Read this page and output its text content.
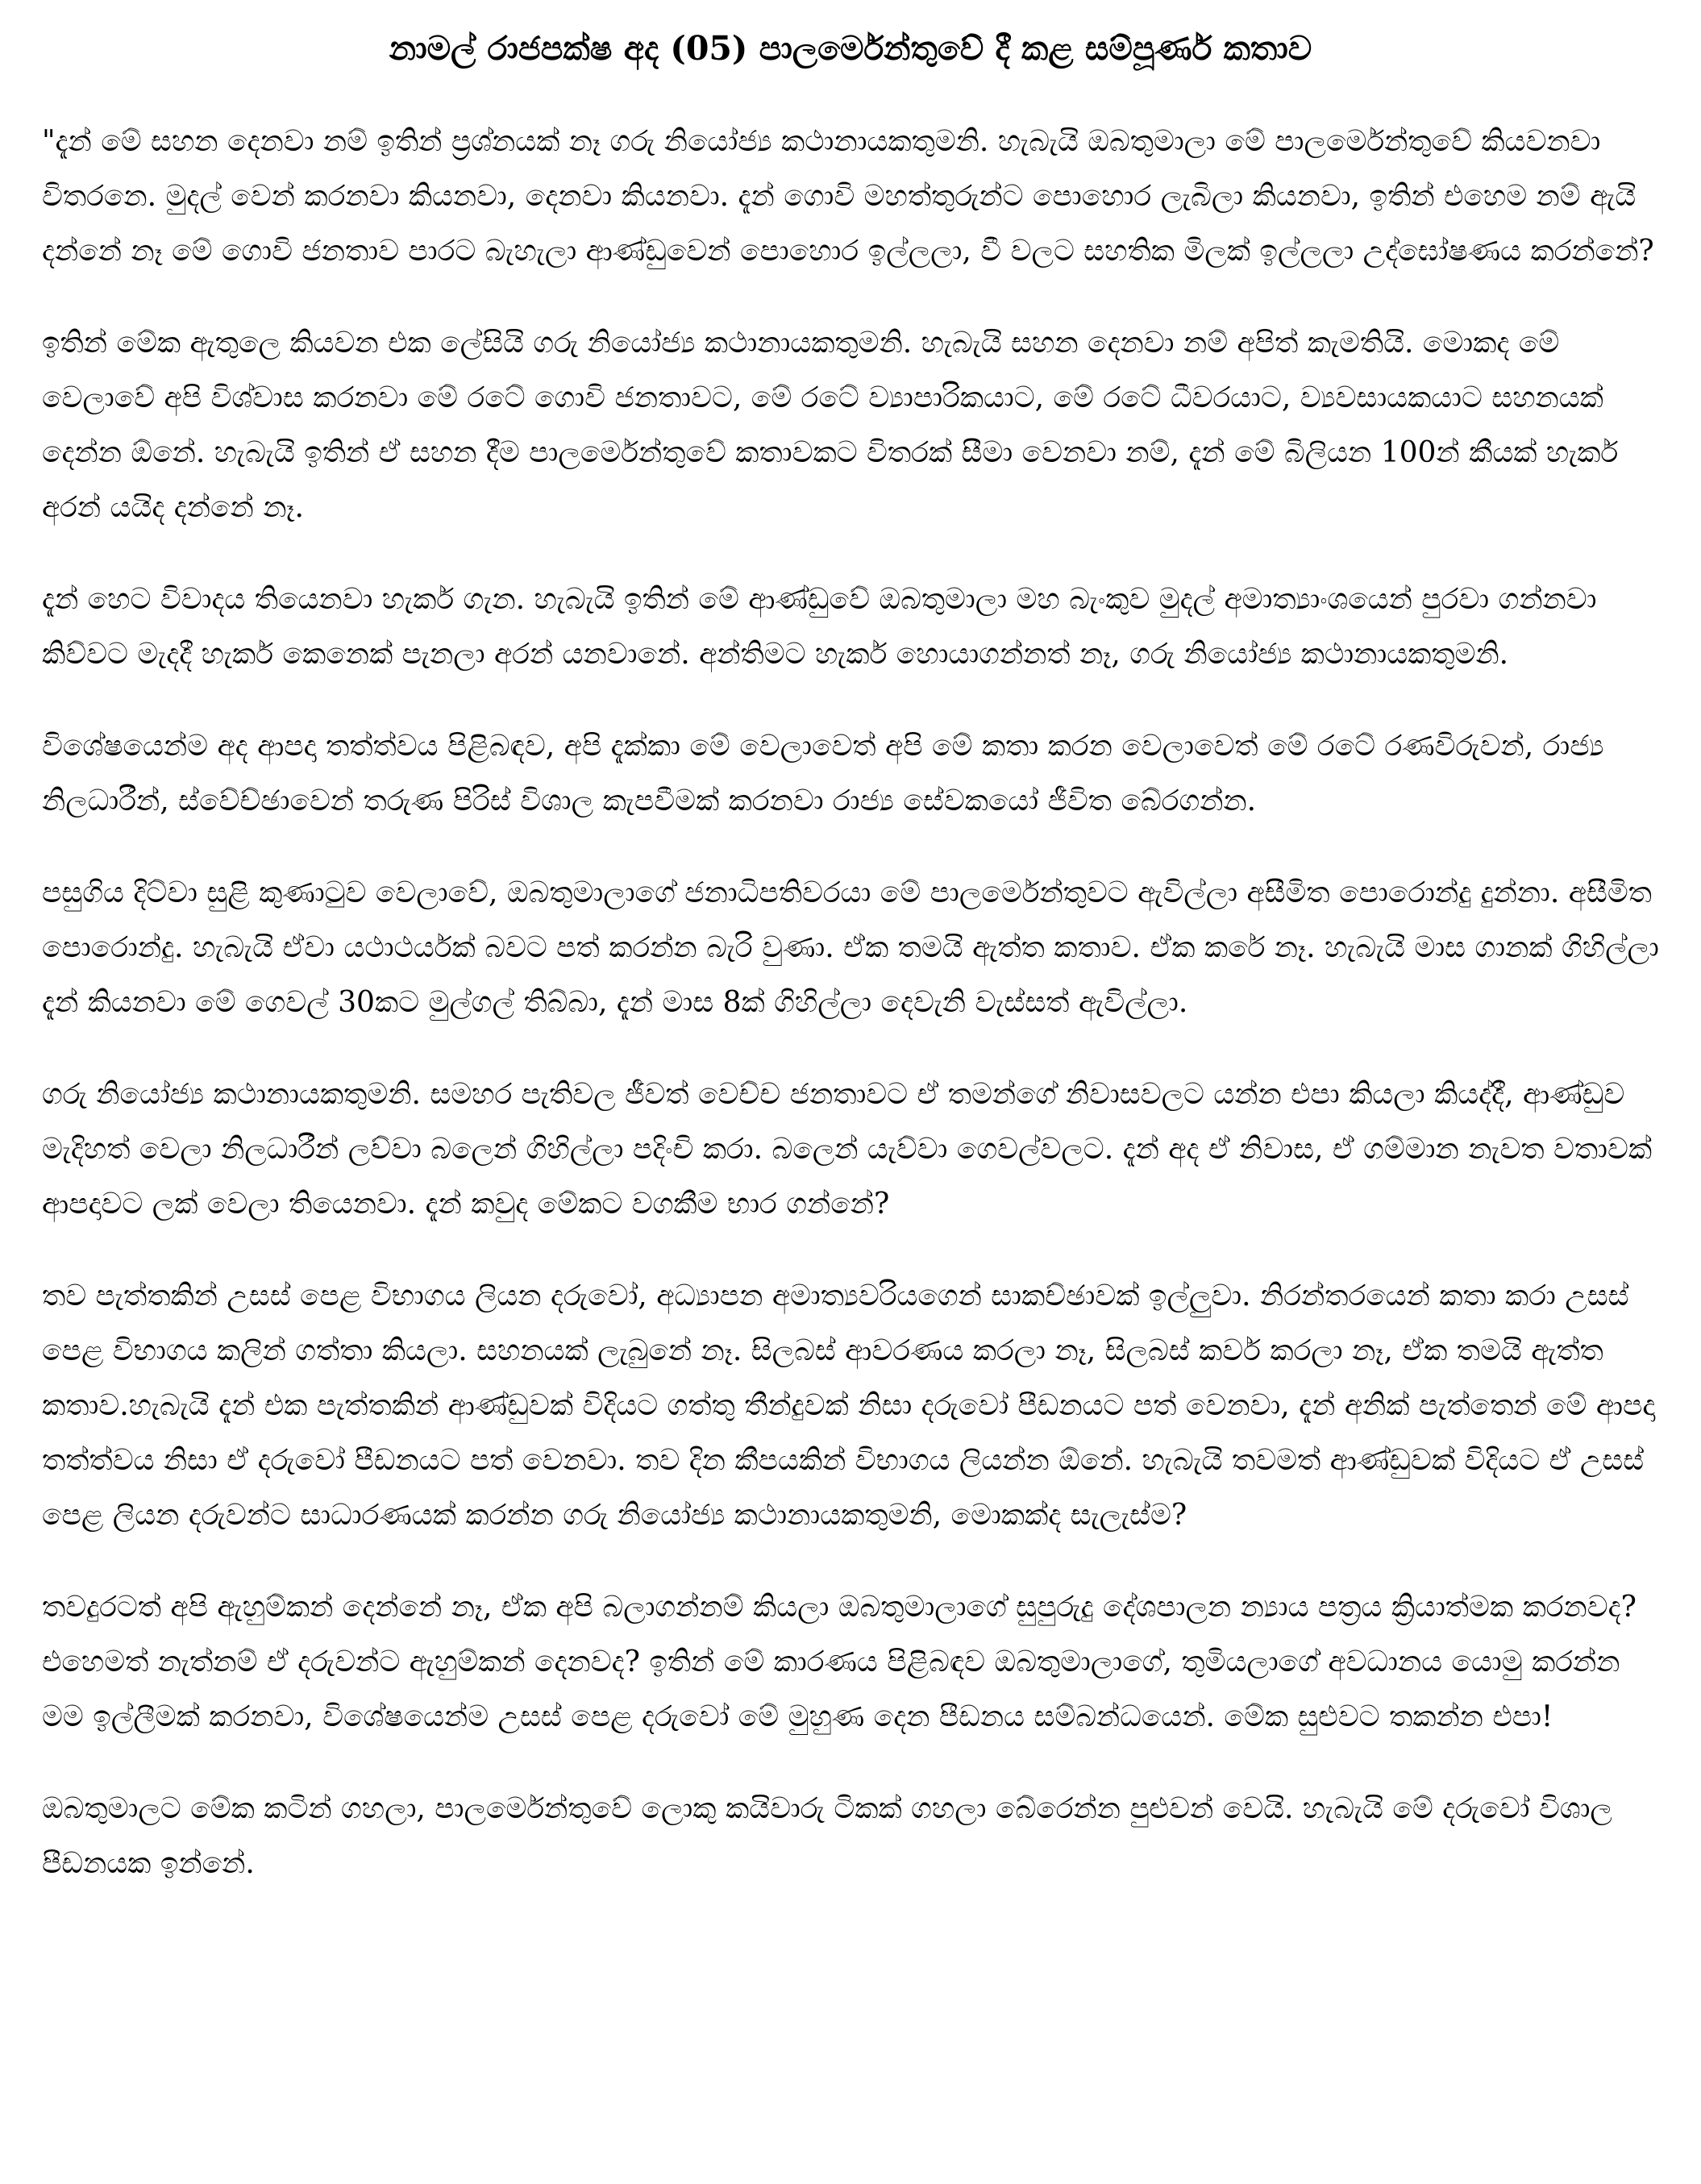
නාමල් රාජපක්ෂ අද (05) පාලර්මෙන්තුවේ දී කළ සම්පූණර් කතාව

"දැන් මේ සහන දෙනවා නම් ඉතින් ප්‍රශ්නයක් නෑ ගරු නියෝජ්‍ය කථානායකතුමනි. හැබැයි ඔබතුමාලා මේ පාලර්මෙන්තුවේ කියවනවා විතරනෙ. මුදල් වෙන් කරනවා කියනවා, දෙනවා කියනවා. දැන් ගොවි මහත්තුරුන්ට පොහොර ලැබිලා කියනවා, ඉතින් එහෙම නම් ඇයි දන්නේ නෑ මේ ගොවි ජනතාව පාරට බැහැලා ආණ්ඩුවෙන් පොහොර ඉල්ලලා, වී වලට සහතික මිලක් ඉල්ලලා උද්ඝෝෂණය කරන්නේ?

ඉතින් මේක ඇතුලෙ කියවන එක ලේසියි ගරු නියෝජ්‍ය කථානායකතුමනි. හැබැයි සහන දෙනවා නම් අපිත් කැමතියි. මොකද මේ වෙලාවේ අපි විශ්වාස කරනවා මේ රටේ ගොවි ජනතාවට, මේ රටේ ව්‍යාපාරිකයාට, මේ රටේ ධීවරයාට, ව්‍යවසායකයාට සහනයක් දෙන්න ඕනේ. හැබැයි ඉතින් ඒ සහන දීම පාලර්මෙන්තුවේ කතාවකට විතරක් සීමා වෙනවා නම්, දැන් මේ බිලියන 100න් කීයක් හැකර් අරන් යයිද දන්නේ නෑ.

දැන් හෙට විවාදය තියෙනවා හැකර් ගැන. හැබැයි ඉතින් මේ ආණ්ඩුවේ ඔබතුමාලා මහ බැංකුව මුදල් අමාත්‍යාංශයෙන් පුරවා ගන්නවා කිව්වට මැදදී හැකර් කෙනෙක් පැනලා අරන් යනවානේ. අන්තිමට හැකර් හොයාගන්නත් නෑ, ගරු නියෝජ්‍ය කථානායකතුමනි.

විශේෂයෙන්ම අද ආපදා තත්ත්වය පිළිබඳව, අපි දැක්කා මේ වෙලාවෙත් අපි මේ කතා කරන වෙලාවෙත් මේ රටේ රණවිරුවන්, රාජ්‍ය නිලධාරීන්, ස්වේච්ඡාවෙන් තරුණ පිරිස් විශාල කැපවීමක් කරනවා රාජ්‍ය සේවකයෝ ජීවිත බේරගන්න.

පසුගිය දිට්වා සුළි කුණාටුව වෙලාවේ, ඔබතුමාලාගේ ජනාධිපතිවරයා මේ පාලර්මෙන්තුවට ඇවිල්ලා අසීමිත පොරොන්දු දුන්නා. අසීමිත පොරොන්දු. හැබැයි ඒවා යථාථර්යක් බවට පත් කරන්න බැරි වුණා. ඒක තමයි ඇත්ත කතාව. ඒක කරේ නෑ. හැබැයි මාස ගානක් ගිහිල්ලා දැන් කියනවා මේ ගෙවල් 30කට මුල්ගල් තිබ්බා, දැන් මාස 8ක් ගිහිල්ලා දෙවැනි වැස්සත් ඇවිල්ලා.

ගරු නියෝජ්‍ය කථානායකතුමනි. සමහර පැතිවල ජීවත් වෙච්ච ජනතාවට ඒ තමන්ගේ නිවාසවලට යන්න එපා කියලා කියද්දී, ආණ්ඩුව මැදිහත් වෙලා නිලධාරීන් ලව්වා බලෙන් ගිහිල්ලා පදිංචි කරා. බලෙන් යැව්වා ගෙවල්වලට. දැන් අද ඒ නිවාස, ඒ ගම්මාන නැවත වතාවක් ආපදාවට ලක් වෙලා තියෙනවා. දැන් කවුද මේකට වගකීම භාර ගන්නේ?

තව පැත්තකින් උසස් පෙළ විභාගය ලියන දරුවෝ, අධ්‍යාපන අමාත්‍යවරියගෙන් සාකච්ඡාවක් ඉල්ලුවා. නිරන්තරයෙන් කතා කරා උසස් පෙළ විභාගය කලින් ගත්තා කියලා. සහනයක් ලැබුනේ නෑ. සිලබස් ආවරණය කරලා නෑ, සිලබස් කවර් කරලා නෑ, ඒක තමයි ඇත්ත කතාව.හැබැයි දැන් එක පැත්තකින් ආණ්ඩුවක් විදියට ගත්තු තීන්දුවක් නිසා දරුවෝ පීඩනයට පත් වෙනවා, දැන් අනික් පැත්තෙන් මේ ආපදා තත්ත්වය නිසා ඒ දරුවෝ පීඩනයට පත් වෙනවා. තව දින කීපයකින් විභාගය ලියන්න ඕනේ. හැබැයි තවමත් ආණ්ඩුවක් විදියට ඒ උසස් පෙළ ලියන දරුවන්ට සාධාරණයක් කරන්න ගරු නියෝජ්‍ය කථානායකතුමනි, මොකක්ද සැලැස්ම?

තවදුරටත් අපි ඇහුම්කන් දෙන්නේ නෑ, ඒක අපි බලාගන්නම් කියලා ඔබතුමාලාගේ සුපුරුදු දේශපාලන න්‍යාය පත්‍රය ක්‍රියාත්මක කරනවද? එහෙමත් නැත්නම් ඒ දරුවන්ට ඇහුම්කන් දෙනවද? ඉතින් මේ කාරණය පිළිබඳව ඔබතුමාලාගේ, තුමියලාගේ අවධානය යොමු කරන්න මම ඉල්ලීමක් කරනවා, විශේෂයෙන්ම උසස් පෙළ දරුවෝ මේ මුහුණ දෙන පීඩනය සම්බන්ධයෙන්. මේක සුළුවට තකන්න එපා!

ඔබතුමාලට මේක කටින් ගහලා, පාලර්මෙන්තුවේ ලොකු කයිවාරු ටිකක් ගහලා බේරෙන්න පුළුවන් වෙයි. හැබැයි මේ දරුවෝ විශාල පීඩනයක ඉන්නේ.
